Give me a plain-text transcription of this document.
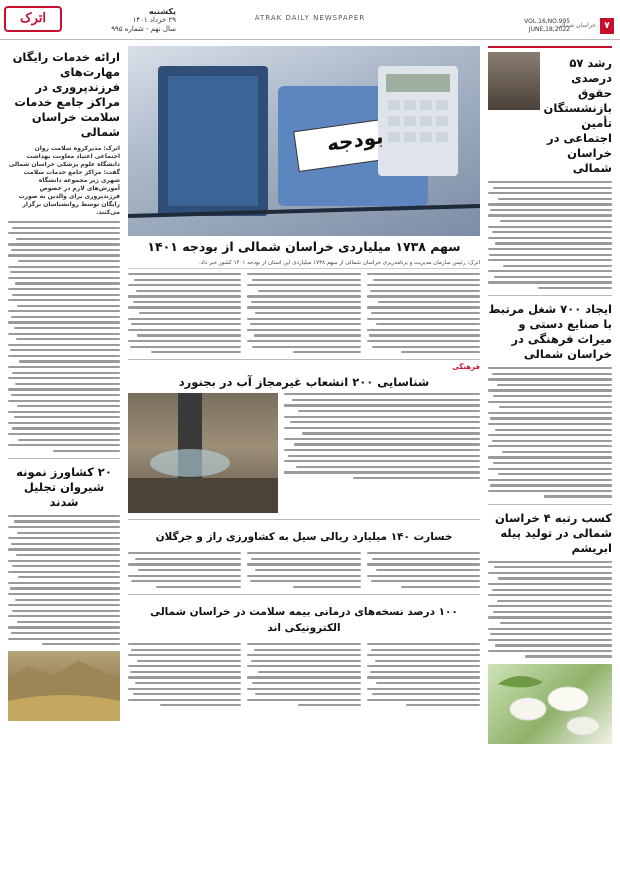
اترک	یکشنبه
۲۹ خرداد ۱۴۰۱
سال نهم - شماره ۹۹۵
ATRAK DAILY NEWSPAPER	VOL.16,NO.995
JUNE,18,2022
خراسان شمالی ۷
رشد ۵۷ درصدی حقوق بازنشستگان تأمین اجتماعی در خراسان شمالی
ایجاد ۷۰۰ شغل مرتبط با صنایع دستی و میراث فرهنگی در خراسان شمالی
کسب رتبه ۴ خراسان شمالی در تولید پیله ابریشم
بودجه
سهم ۱۷۳۸ میلیاردی خراسان شمالی از بودجه ۱۴۰۱
اترک: رئیس سازمان مدیریت و برنامه‌ریزی خراسان شمالی از سهم ۱۷۳۸ میلیاردی این استان از بودجه ۱۴۰۱ کشور خبر داد.
فرهنگی
شناسایی ۲۰۰ انشعاب غیرمجاز آب در بجنورد
خسارت ۱۴۰ میلیارد ریالی سیل به کشاورزی راز و جرگلان
۱۰۰ درصد نسخه‌های درمانی بیمه سلامت در خراسان شمالی الکترونیکی اند
ارائه خدمات رایگان مهارت‌های فرزندپروری در مراکز جامع خدمات سلامت خراسان شمالی
اترک: مدیرکروه سلامت روان اجتماعی اعتیاد معاونت بهداشت دانشگاه علوم پزشکی خراسان شمالی گفت: مراکز جامع خدمات سلامت شهری زیر مجموعه دانشگاه آموزش‌های لازم در خصوص فرزندپروری برای والدین به صورت رایگان توسط روانشناسان برگزار می‌کنند.
۲۰ کشاورز نمونه شیروان تجلیل شدند
